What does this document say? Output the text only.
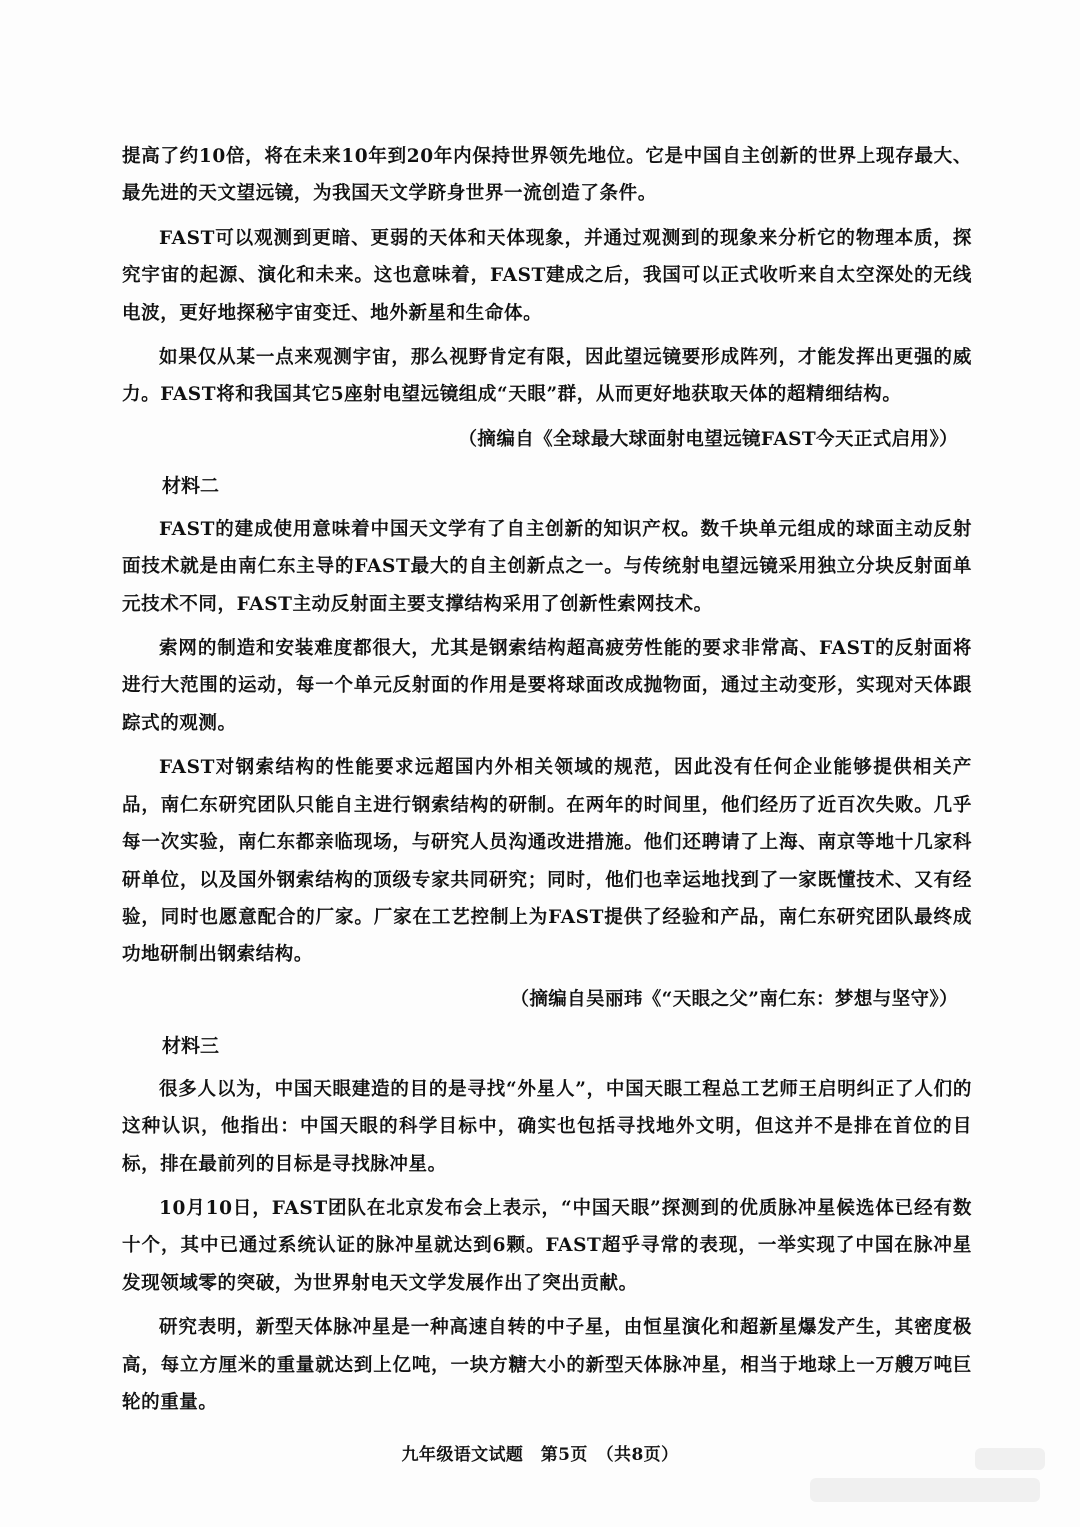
提高了约10倍，将在未来10年到20年内保持世界领先地位。它是中国自主创新的世界上现存最大、最先进的天文望远镜，为我国天文学跻身世界一流创造了条件。

FAST可以观测到更暗、更弱的天体和天体现象，并通过观测到的现象来分析它的物理本质，探究宇宙的起源、演化和未来。这也意味着，FAST建成之后，我国可以正式收听来自太空深处的无线电波，更好地探秘宇宙变迁、地外新星和生命体。

如果仅从某一点来观测宇宙，那么视野肯定有限，因此望远镜要形成阵列，才能发挥出更强的威力。FAST将和我国其它5座射电望远镜组成“天眼”群，从而更好地获取天体的超精细结构。

（摘编自《全球最大球面射电望远镜FAST今天正式启用》）

材料二

FAST的建成使用意味着中国天文学有了自主创新的知识产权。数千块单元组成的球面主动反射面技术就是由南仁东主导的FAST最大的自主创新点之一。与传统射电望远镜采用独立分块反射面单元技术不同，FAST主动反射面主要支撑结构采用了创新性索网技术。

索网的制造和安装难度都很大，尤其是钢索结构超高疲劳性能的要求非常高、FAST的反射面将进行大范围的运动，每一个单元反射面的作用是要将球面改成抛物面，通过主动变形，实现对天体跟踪式的观测。

FAST对钢索结构的性能要求远超国内外相关领域的规范，因此没有任何企业能够提供相关产品，南仁东研究团队只能自主进行钢索结构的研制。在两年的时间里，他们经历了近百次失败。几乎每一次实验，南仁东都亲临现场，与研究人员沟通改进措施。他们还聘请了上海、南京等地十几家科研单位，以及国外钢索结构的顶级专家共同研究；同时，他们也幸运地找到了一家既懂技术、又有经验，同时也愿意配合的厂家。厂家在工艺控制上为FAST提供了经验和产品，南仁东研究团队最终成功地研制出钢索结构。

（摘编自吴丽玮《“天眼之父”南仁东：梦想与坚守》）

材料三

很多人以为，中国天眼建造的目的是寻找“外星人”，中国天眼工程总工艺师王启明纠正了人们的这种认识，他指出：中国天眼的科学目标中，确实也包括寻找地外文明，但这并不是排在首位的目标，排在最前列的目标是寻找脉冲星。

10月10日，FAST团队在北京发布会上表示，“中国天眼”探测到的优质脉冲星候选体已经有数十个，其中已通过系统认证的脉冲星就达到6颗。FAST超乎寻常的表现，一举实现了中国在脉冲星发现领域零的突破，为世界射电天文学发展作出了突出贡献。

研究表明，新型天体脉冲星是一种高速自转的中子星，由恒星演化和超新星爆发产生，其密度极高，每立方厘米的重量就达到上亿吨，一块方糖大小的新型天体脉冲星，相当于地球上一万艘万吨巨轮的重量。

九年级语文试题　第5页　（共8页）
